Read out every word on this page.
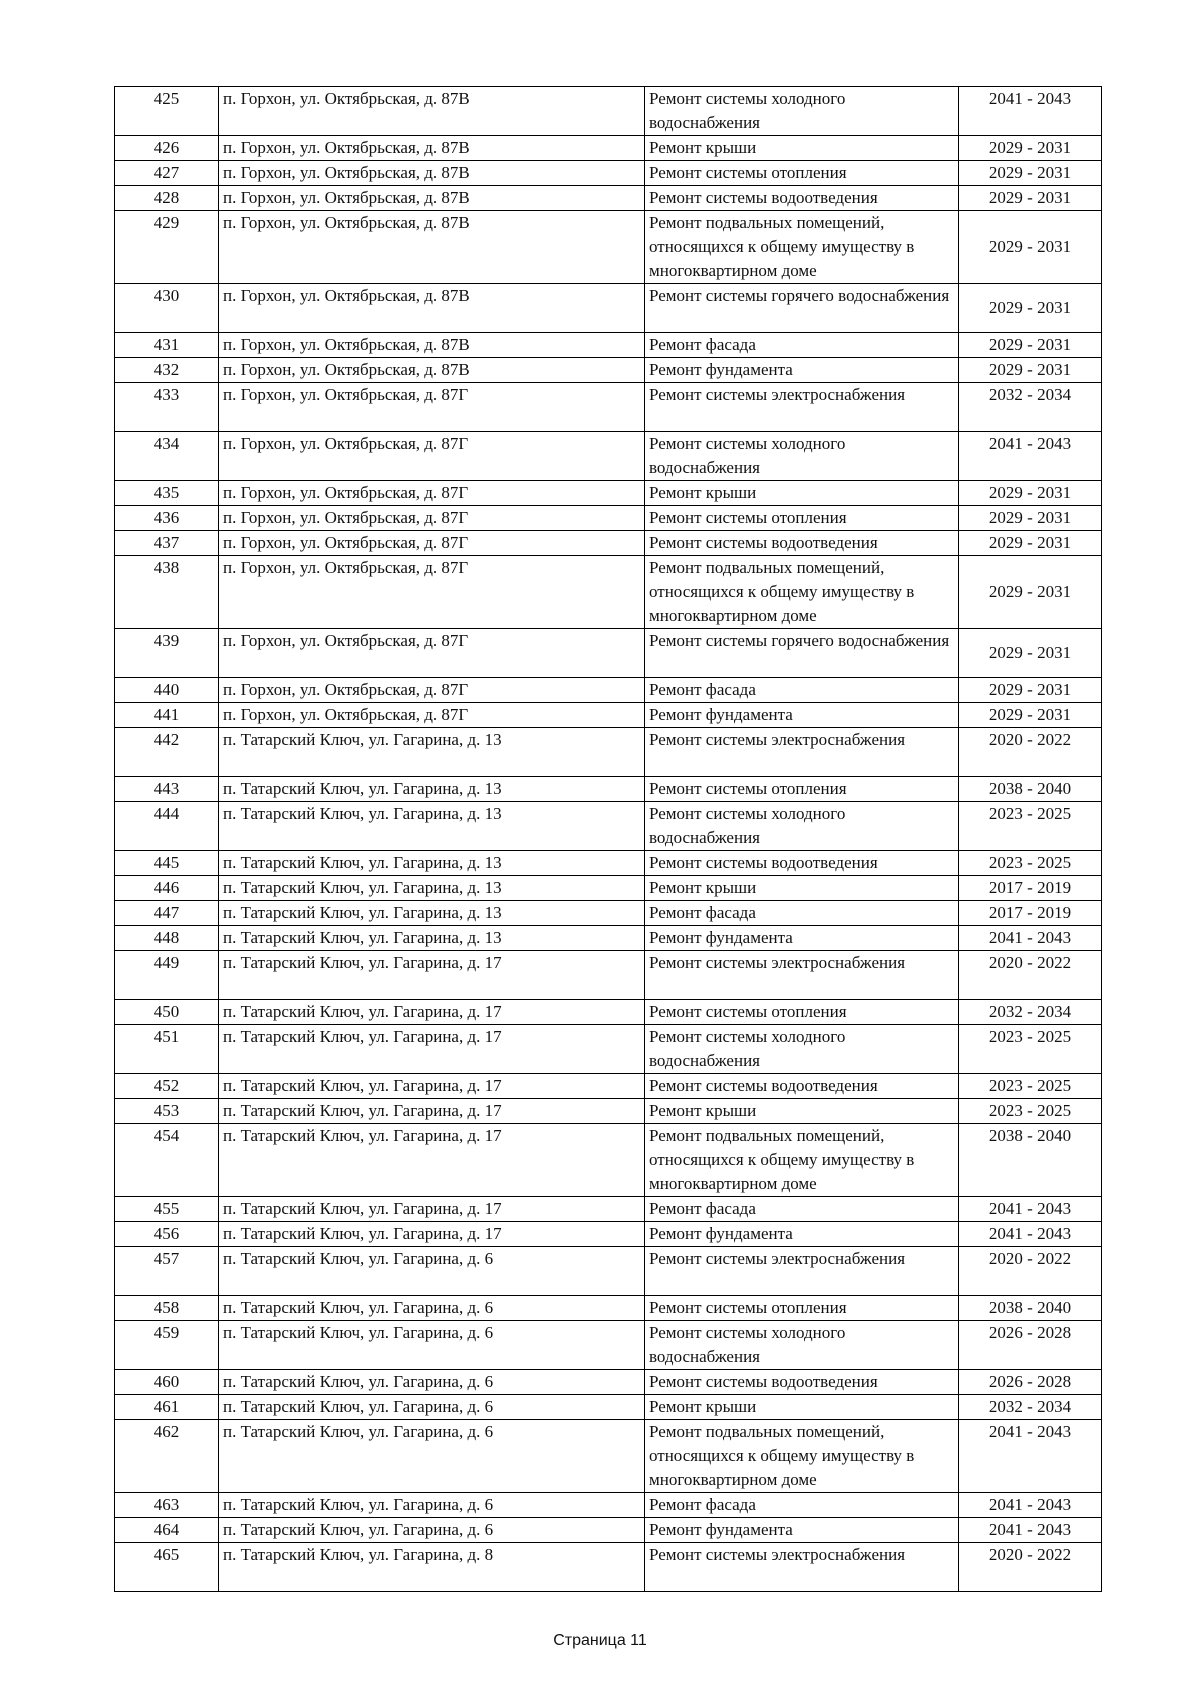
425	п. Горхон, ул. Октябрьская, д. 87В	Ремонт системы холодного водоснабжения	2041 - 2043
426	п. Горхон, ул. Октябрьская, д. 87В	Ремонт крыши	2029 - 2031
427	п. Горхон, ул. Октябрьская, д. 87В	Ремонт системы отопления	2029 - 2031
428	п. Горхон, ул. Октябрьская, д. 87В	Ремонт системы водоотведения	2029 - 2031
429	п. Горхон, ул. Октябрьская, д. 87В	Ремонт подвальных помещений, относящихся к общему имуществу в многоквартирном доме	2029 - 2031
430	п. Горхон, ул. Октябрьская, д. 87В	Ремонт системы горячего водоснабжения	2029 - 2031
431	п. Горхон, ул. Октябрьская, д. 87В	Ремонт фасада	2029 - 2031
432	п. Горхон, ул. Октябрьская, д. 87В	Ремонт фундамента	2029 - 2031
433	п. Горхон, ул. Октябрьская, д. 87Г	Ремонт системы электроснабжения	2032 - 2034
434	п. Горхон, ул. Октябрьская, д. 87Г	Ремонт системы холодного водоснабжения	2041 - 2043
435	п. Горхон, ул. Октябрьская, д. 87Г	Ремонт крыши	2029 - 2031
436	п. Горхон, ул. Октябрьская, д. 87Г	Ремонт системы отопления	2029 - 2031
437	п. Горхон, ул. Октябрьская, д. 87Г	Ремонт системы водоотведения	2029 - 2031
438	п. Горхон, ул. Октябрьская, д. 87Г	Ремонт подвальных помещений, относящихся к общему имуществу в многоквартирном доме	2029 - 2031
439	п. Горхон, ул. Октябрьская, д. 87Г	Ремонт системы горячего водоснабжения	2029 - 2031
440	п. Горхон, ул. Октябрьская, д. 87Г	Ремонт фасада	2029 - 2031
441	п. Горхон, ул. Октябрьская, д. 87Г	Ремонт фундамента	2029 - 2031
442	п. Татарский Ключ, ул. Гагарина, д. 13	Ремонт системы электроснабжения	2020 - 2022
443	п. Татарский Ключ, ул. Гагарина, д. 13	Ремонт системы отопления	2038 - 2040
444	п. Татарский Ключ, ул. Гагарина, д. 13	Ремонт системы холодного водоснабжения	2023 - 2025
445	п. Татарский Ключ, ул. Гагарина, д. 13	Ремонт системы водоотведения	2023 - 2025
446	п. Татарский Ключ, ул. Гагарина, д. 13	Ремонт крыши	2017 - 2019
447	п. Татарский Ключ, ул. Гагарина, д. 13	Ремонт фасада	2017 - 2019
448	п. Татарский Ключ, ул. Гагарина, д. 13	Ремонт фундамента	2041 - 2043
449	п. Татарский Ключ, ул. Гагарина, д. 17	Ремонт системы электроснабжения	2020 - 2022
450	п. Татарский Ключ, ул. Гагарина, д. 17	Ремонт системы отопления	2032 - 2034
451	п. Татарский Ключ, ул. Гагарина, д. 17	Ремонт системы холодного водоснабжения	2023 - 2025
452	п. Татарский Ключ, ул. Гагарина, д. 17	Ремонт системы водоотведения	2023 - 2025
453	п. Татарский Ключ, ул. Гагарина, д. 17	Ремонт крыши	2023 - 2025
454	п. Татарский Ключ, ул. Гагарина, д. 17	Ремонт подвальных помещений, относящихся к общему имуществу в многоквартирном доме	2038 - 2040
455	п. Татарский Ключ, ул. Гагарина, д. 17	Ремонт фасада	2041 - 2043
456	п. Татарский Ключ, ул. Гагарина, д. 17	Ремонт фундамента	2041 - 2043
457	п. Татарский Ключ, ул. Гагарина, д. 6	Ремонт системы электроснабжения	2020 - 2022
458	п. Татарский Ключ, ул. Гагарина, д. 6	Ремонт системы отопления	2038 - 2040
459	п. Татарский Ключ, ул. Гагарина, д. 6	Ремонт системы холодного водоснабжения	2026 - 2028
460	п. Татарский Ключ, ул. Гагарина, д. 6	Ремонт системы водоотведения	2026 - 2028
461	п. Татарский Ключ, ул. Гагарина, д. 6	Ремонт крыши	2032 - 2034
462	п. Татарский Ключ, ул. Гагарина, д. 6	Ремонт подвальных помещений, относящихся к общему имуществу в многоквартирном доме	2041 - 2043
463	п. Татарский Ключ, ул. Гагарина, д. 6	Ремонт фасада	2041 - 2043
464	п. Татарский Ключ, ул. Гагарина, д. 6	Ремонт фундамента	2041 - 2043
465	п. Татарский Ключ, ул. Гагарина, д. 8	Ремонт системы электроснабжения	2020 - 2022
Страница 11
